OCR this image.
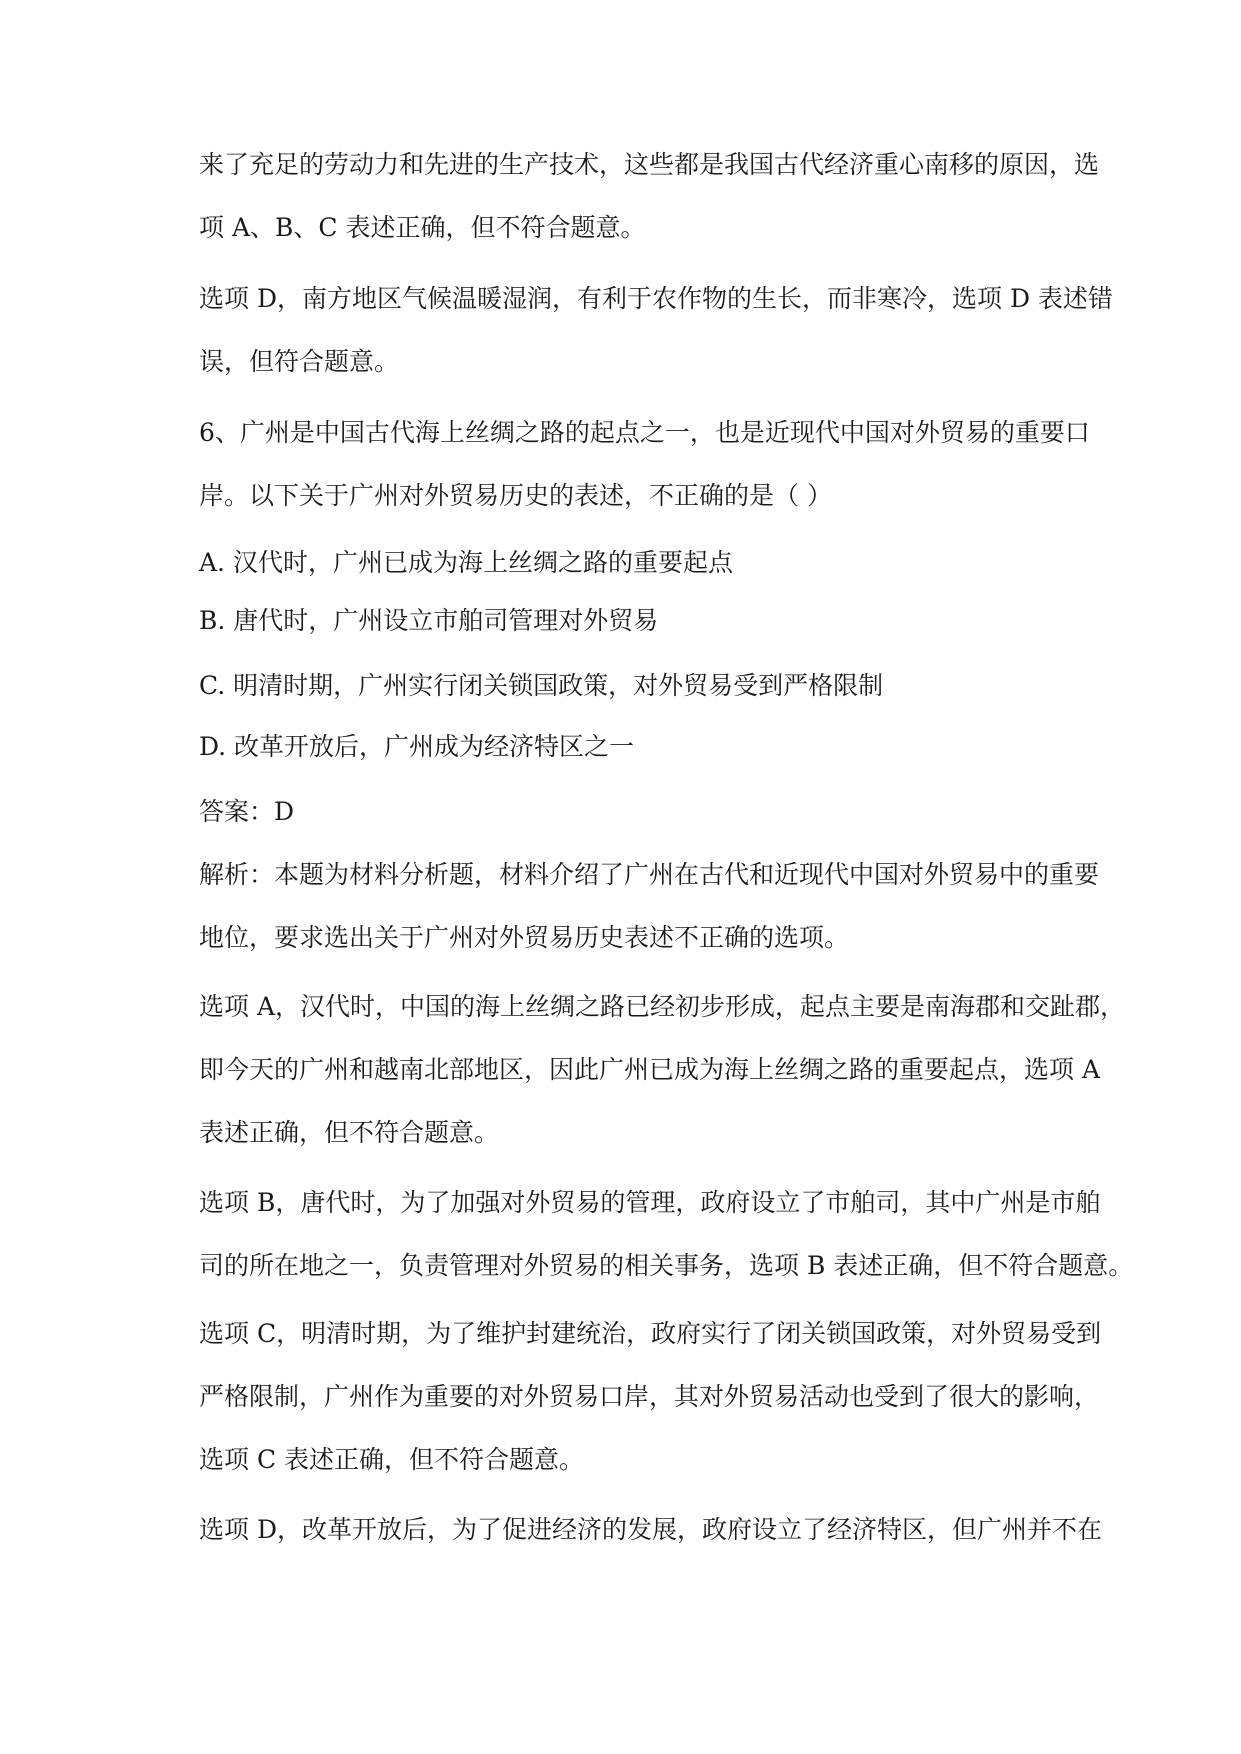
来了充足的劳动力和先进的生产技术，这些都是我国古代经济重心南移的原因，选
项 A、B、C 表述正确，但不符合题意。
选项 D，南方地区气候温暖湿润，有利于农作物的生长，而非寒冷，选项 D 表述错
误，但符合题意。
6、广州是中国古代海上丝绸之路的起点之一，也是近现代中国对外贸易的重要口
岸。以下关于广州对外贸易历史的表述，不正确的是（ ）
A. 汉代时，广州已成为海上丝绸之路的重要起点
B. 唐代时，广州设立市舶司管理对外贸易
C. 明清时期，广州实行闭关锁国政策，对外贸易受到严格限制
D. 改革开放后，广州成为经济特区之一
答案：D
解析：本题为材料分析题，材料介绍了广州在古代和近现代中国对外贸易中的重要
地位，要求选出关于广州对外贸易历史表述不正确的选项。
选项 A，汉代时，中国的海上丝绸之路已经初步形成，起点主要是南海郡和交趾郡，
即今天的广州和越南北部地区，因此广州已成为海上丝绸之路的重要起点，选项 A
表述正确，但不符合题意。
选项 B，唐代时，为了加强对外贸易的管理，政府设立了市舶司，其中广州是市舶
司的所在地之一，负责管理对外贸易的相关事务，选项 B 表述正确，但不符合题意。
选项 C，明清时期，为了维护封建统治，政府实行了闭关锁国政策，对外贸易受到
严格限制，广州作为重要的对外贸易口岸，其对外贸易活动也受到了很大的影响，
选项 C 表述正确，但不符合题意。
选项 D，改革开放后，为了促进经济的发展，政府设立了经济特区，但广州并不在
